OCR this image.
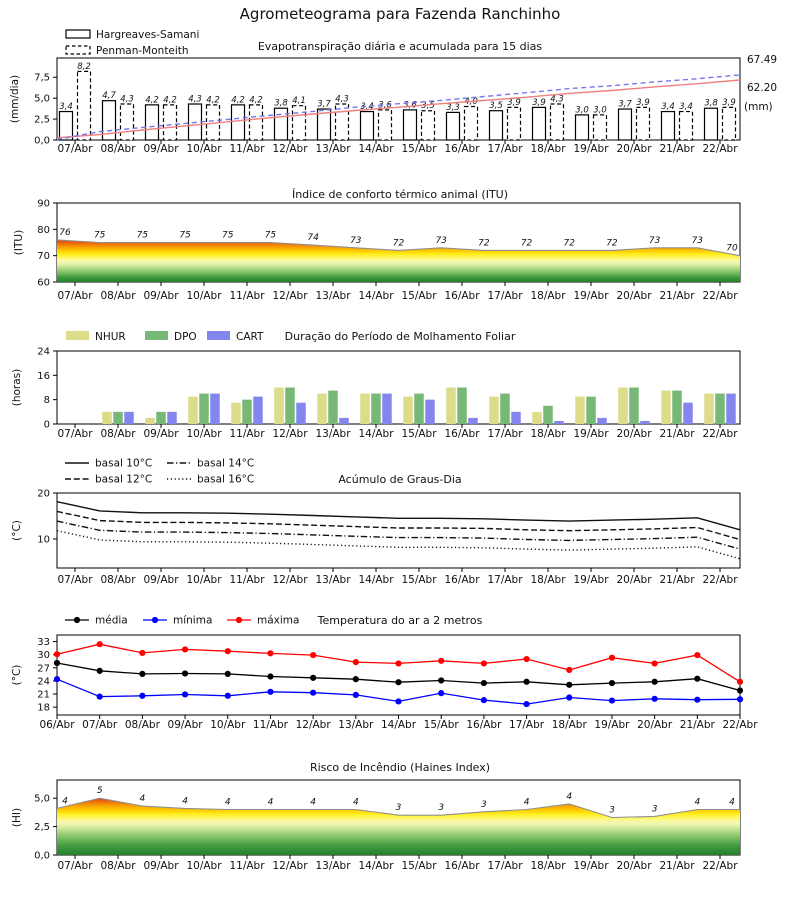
Agrometeograma para Fazenda Ranchinho
0,0
2,5
5,0
7,5
07/Abr 08/Abr 09/Abr 10/Abr 11/Abr 12/Abr 13/Abr 14/Abr 15/Abr 16/Abr 17/Abr 18/Abr 19/Abr 20/Abr 21/Abr 22/Abr
Evapotranspiração diária e acumulada para 15 dias
(mm/dia)	3,4
4,7	4,2	4,3	4,2	3,8	3,7	3,4	3,6	3,3	3,5	3,9
3,0
3,7	3,4	3,8
8,2
4,3	4,2	4,2	4,2	4,1	4,3
3,6	3,5	4,0	3,9	4,3
3,0
3,9	3,4	3,9
67.49
62.20
(mm)
Hargreaves-Samani
Penman-Monteith
60
70
80
90
07/Abr 08/Abr 09/Abr 10/Abr 11/Abr 12/Abr 13/Abr 14/Abr 15/Abr 16/Abr 17/Abr 18/Abr 19/Abr 20/Abr 21/Abr 22/Abr
Índice de conforto térmico animal (ITU)
(ITU)	76	75	75	75	75	75	74	73	72	73	72	72	72	72	73	73
70
0
8
16
24
07/Abr 08/Abr 09/Abr 10/Abr 11/Abr 12/Abr 13/Abr 14/Abr 15/Abr 16/Abr 17/Abr 18/Abr 19/Abr 20/Abr 21/Abr 22/Abr
Duração do Período de Molhamento Foliar
(horas)
NHUR	DPO	CART
10
20
07/Abr 08/Abr 09/Abr 10/Abr 11/Abr 12/Abr 13/Abr 14/Abr 15/Abr 16/Abr 17/Abr 18/Abr 19/Abr 20/Abr 21/Abr 22/Abr
Acúmulo de Graus-Dia
(°C)
basal 10°C
basal 12°C
basal 14°C
basal 16°C
18
21
24
27
30
33
06/Abr 07/Abr 08/Abr 09/Abr 10/Abr 11/Abr 12/Abr 13/Abr 14/Abr 15/Abr 16/Abr 17/Abr 18/Abr 19/Abr 20/Abr 21/Abr 22/Abr
Temperatura do ar a 2 metros
(°C)
média	mínima	máxima
0,0
2,5
5,0
07/Abr 08/Abr 09/Abr 10/Abr 11/Abr 12/Abr 13/Abr 14/Abr 15/Abr 16/Abr 17/Abr 18/Abr 19/Abr 20/Abr 21/Abr 22/Abr
Risco de Incêndio (Haines Index)
(HI)
4
5
4	4	4	4	4	4
3	3	3	4
4
3	3
4	4
